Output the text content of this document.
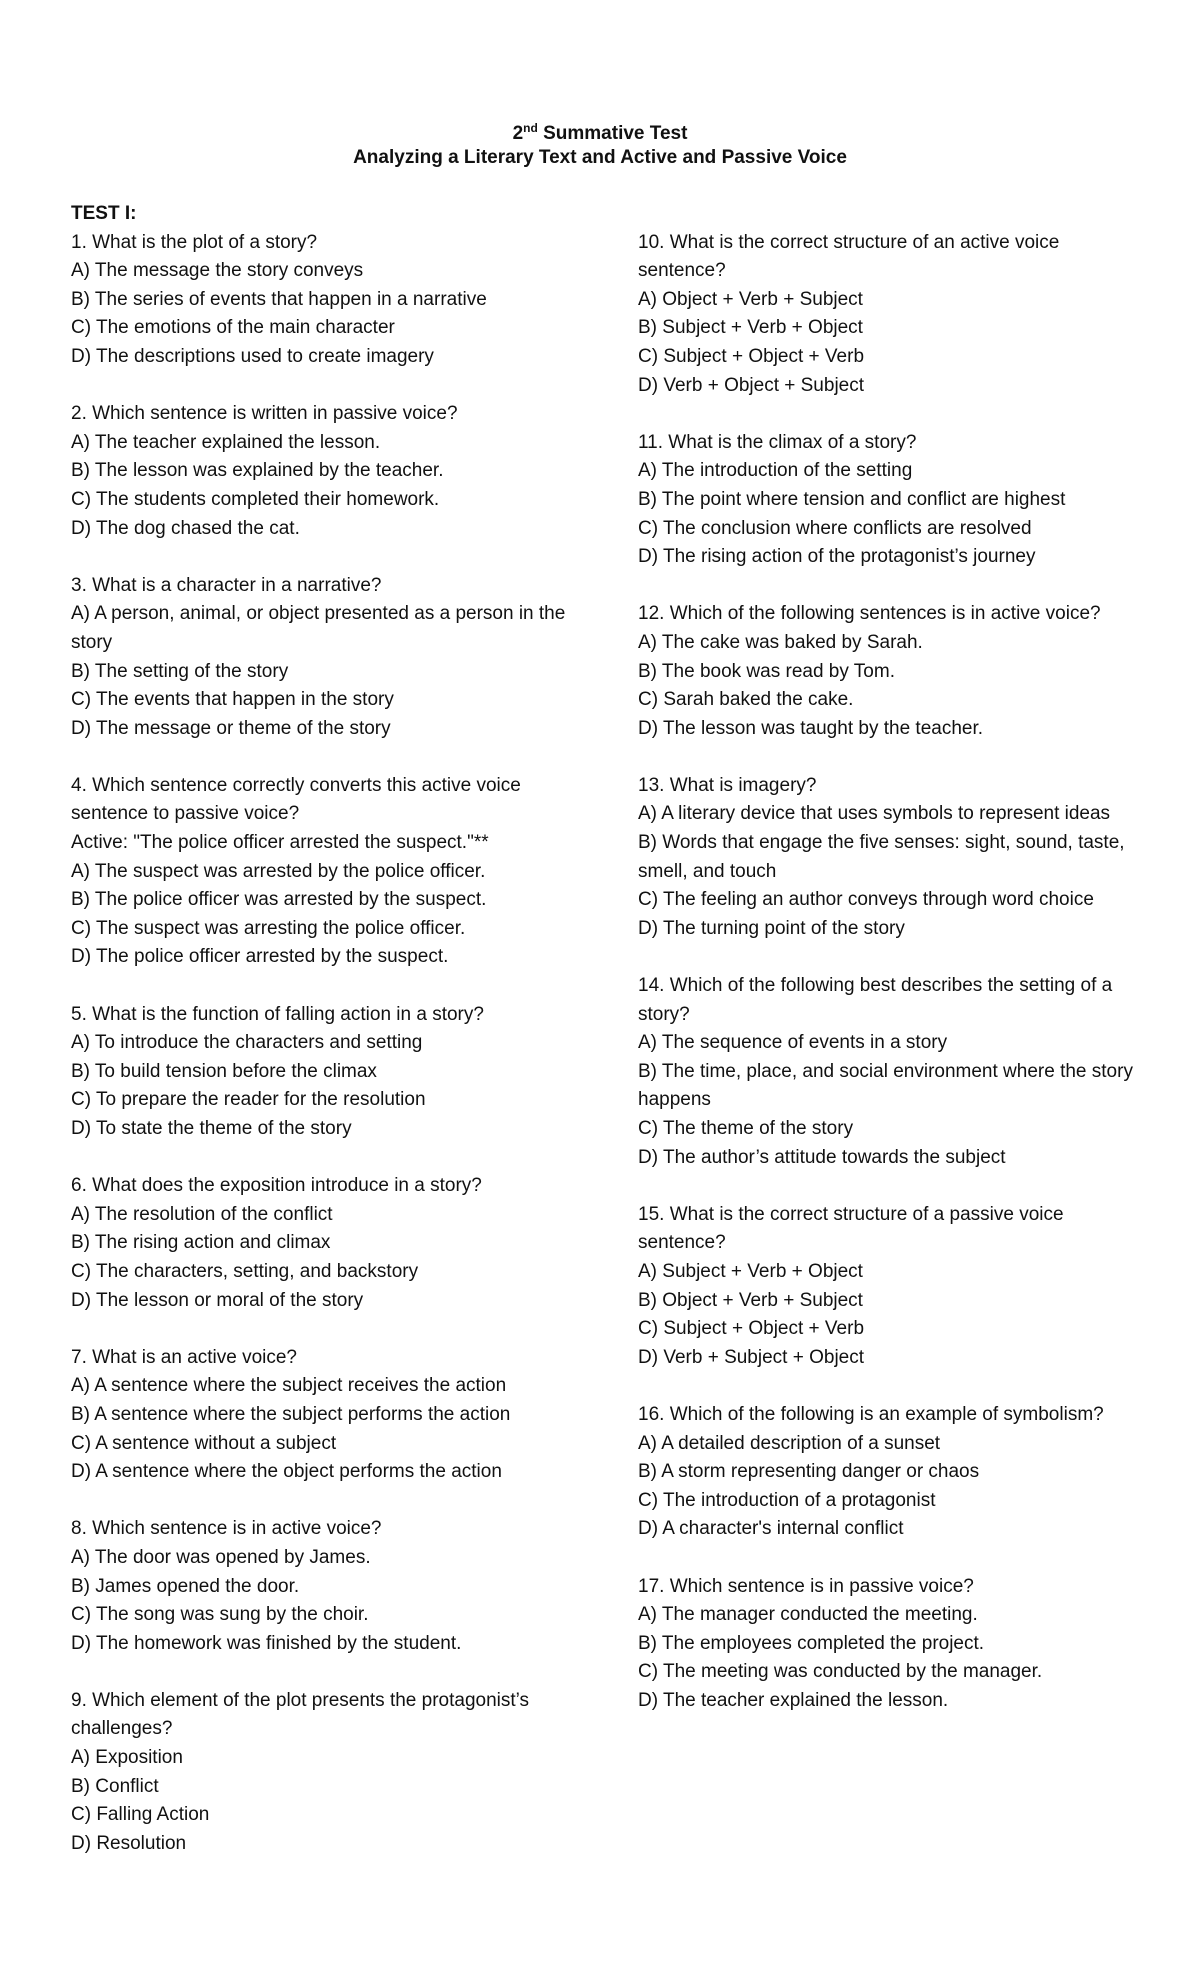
2nd Summative Test
Analyzing a Literary Text and Active and Passive Voice
TEST I:
1. What is the plot of a story?
A) The message the story conveys
B) The series of events that happen in a narrative
C) The emotions of the main character
D) The descriptions used to create imagery
2. Which sentence is written in passive voice?
A) The teacher explained the lesson.
B) The lesson was explained by the teacher.
C) The students completed their homework.
D) The dog chased the cat.
3. What is a character in a narrative?
A) A person, animal, or object presented as a person in the story
B) The setting of the story
C) The events that happen in the story
D) The message or theme of the story
4. Which sentence correctly converts this active voice sentence to passive voice?
Active: "The police officer arrested the suspect."**
A) The suspect was arrested by the police officer.
B) The police officer was arrested by the suspect.
C) The suspect was arresting the police officer.
D) The police officer arrested by the suspect.
5. What is the function of falling action in a story?
A) To introduce the characters and setting
B) To build tension before the climax
C) To prepare the reader for the resolution
D) To state the theme of the story
6. What does the exposition introduce in a story?
A) The resolution of the conflict
B) The rising action and climax
C) The characters, setting, and backstory
D) The lesson or moral of the story
7. What is an active voice?
A) A sentence where the subject receives the action
B) A sentence where the subject performs the action
C) A sentence without a subject
D) A sentence where the object performs the action
8. Which sentence is in active voice?
A) The door was opened by James.
B) James opened the door.
C) The song was sung by the choir.
D) The homework was finished by the student.
9. Which element of the plot presents the protagonist’s challenges?
A) Exposition
B) Conflict
C) Falling Action
D) Resolution
10. What is the correct structure of an active voice sentence?
A) Object + Verb + Subject
B) Subject + Verb + Object
C) Subject + Object + Verb
D) Verb + Object + Subject
11. What is the climax of a story?
A) The introduction of the setting
B) The point where tension and conflict are highest
C) The conclusion where conflicts are resolved
D) The rising action of the protagonist’s journey
12. Which of the following sentences is in active voice?
A) The cake was baked by Sarah.
B) The book was read by Tom.
C) Sarah baked the cake.
D) The lesson was taught by the teacher.
13. What is imagery?
A) A literary device that uses symbols to represent ideas
B) Words that engage the five senses: sight, sound, taste, smell, and touch
C) The feeling an author conveys through word choice
D) The turning point of the story
14. Which of the following best describes the setting of a story?
A) The sequence of events in a story
B) The time, place, and social environment where the story happens
C) The theme of the story
D) The author’s attitude towards the subject
15. What is the correct structure of a passive voice sentence?
A) Subject + Verb + Object
B) Object + Verb + Subject
C) Subject + Object + Verb
D) Verb + Subject + Object
16. Which of the following is an example of symbolism?
A) A detailed description of a sunset
B) A storm representing danger or chaos
C) The introduction of a protagonist
D) A character's internal conflict
17. Which sentence is in passive voice?
A) The manager conducted the meeting.
B) The employees completed the project.
C) The meeting was conducted by the manager.
D) The teacher explained the lesson.
